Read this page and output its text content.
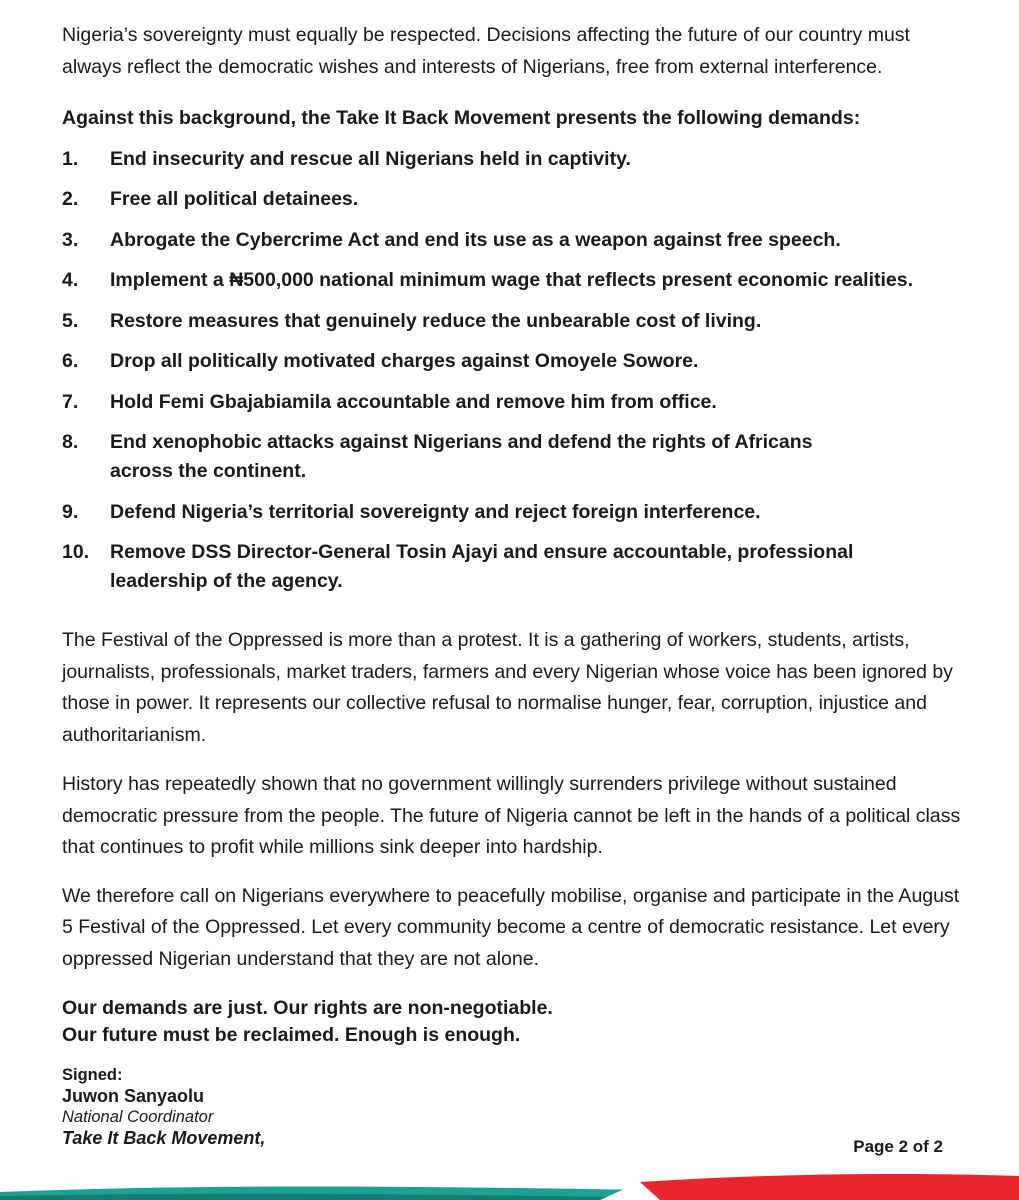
Nigeria’s sovereignty must equally be respected. Decisions affecting the future of our country must always reflect the democratic wishes and interests of Nigerians, free from external interference.

Against this background, the Take It Back Movement presents the following demands:

1.	End insecurity and rescue all Nigerians held in captivity.
2.	Free all political detainees.
3.	Abrogate the Cybercrime Act and end its use as a weapon against free speech.
4.	Implement a ₦500,000 national minimum wage that reflects present economic realities.
5.	Restore measures that genuinely reduce the unbearable cost of living.
6.	Drop all politically motivated charges against Omoyele Sowore.
7.	Hold Femi Gbajabiamila accountable and remove him from office.
8.	End xenophobic attacks against Nigerians and defend the rights of Africans across the continent.
9.	Defend Nigeria’s territorial sovereignty and reject foreign interference.
10.	Remove DSS Director-General Tosin Ajayi and ensure accountable, professional leadership of the agency.

The Festival of the Oppressed is more than a protest. It is a gathering of workers, students, artists, journalists, professionals, market traders, farmers and every Nigerian whose voice has been ignored by those in power. It represents our collective refusal to normalise hunger, fear, corruption, injustice and authoritarianism.

History has repeatedly shown that no government willingly surrenders privilege without sustained democratic pressure from the people. The future of Nigeria cannot be left in the hands of a political class that continues to profit while millions sink deeper into hardship.

We therefore call on Nigerians everywhere to peacefully mobilise, organise and participate in the August 5 Festival of the Oppressed. Let every community become a centre of democratic resistance. Let every oppressed Nigerian understand that they are not alone.

Our demands are just. Our rights are non-negotiable.
Our future must be reclaimed. Enough is enough.
Signed:
Juwon Sanyaolu
National Coordinator
Take It Back Movement,	Page 2 of 2
